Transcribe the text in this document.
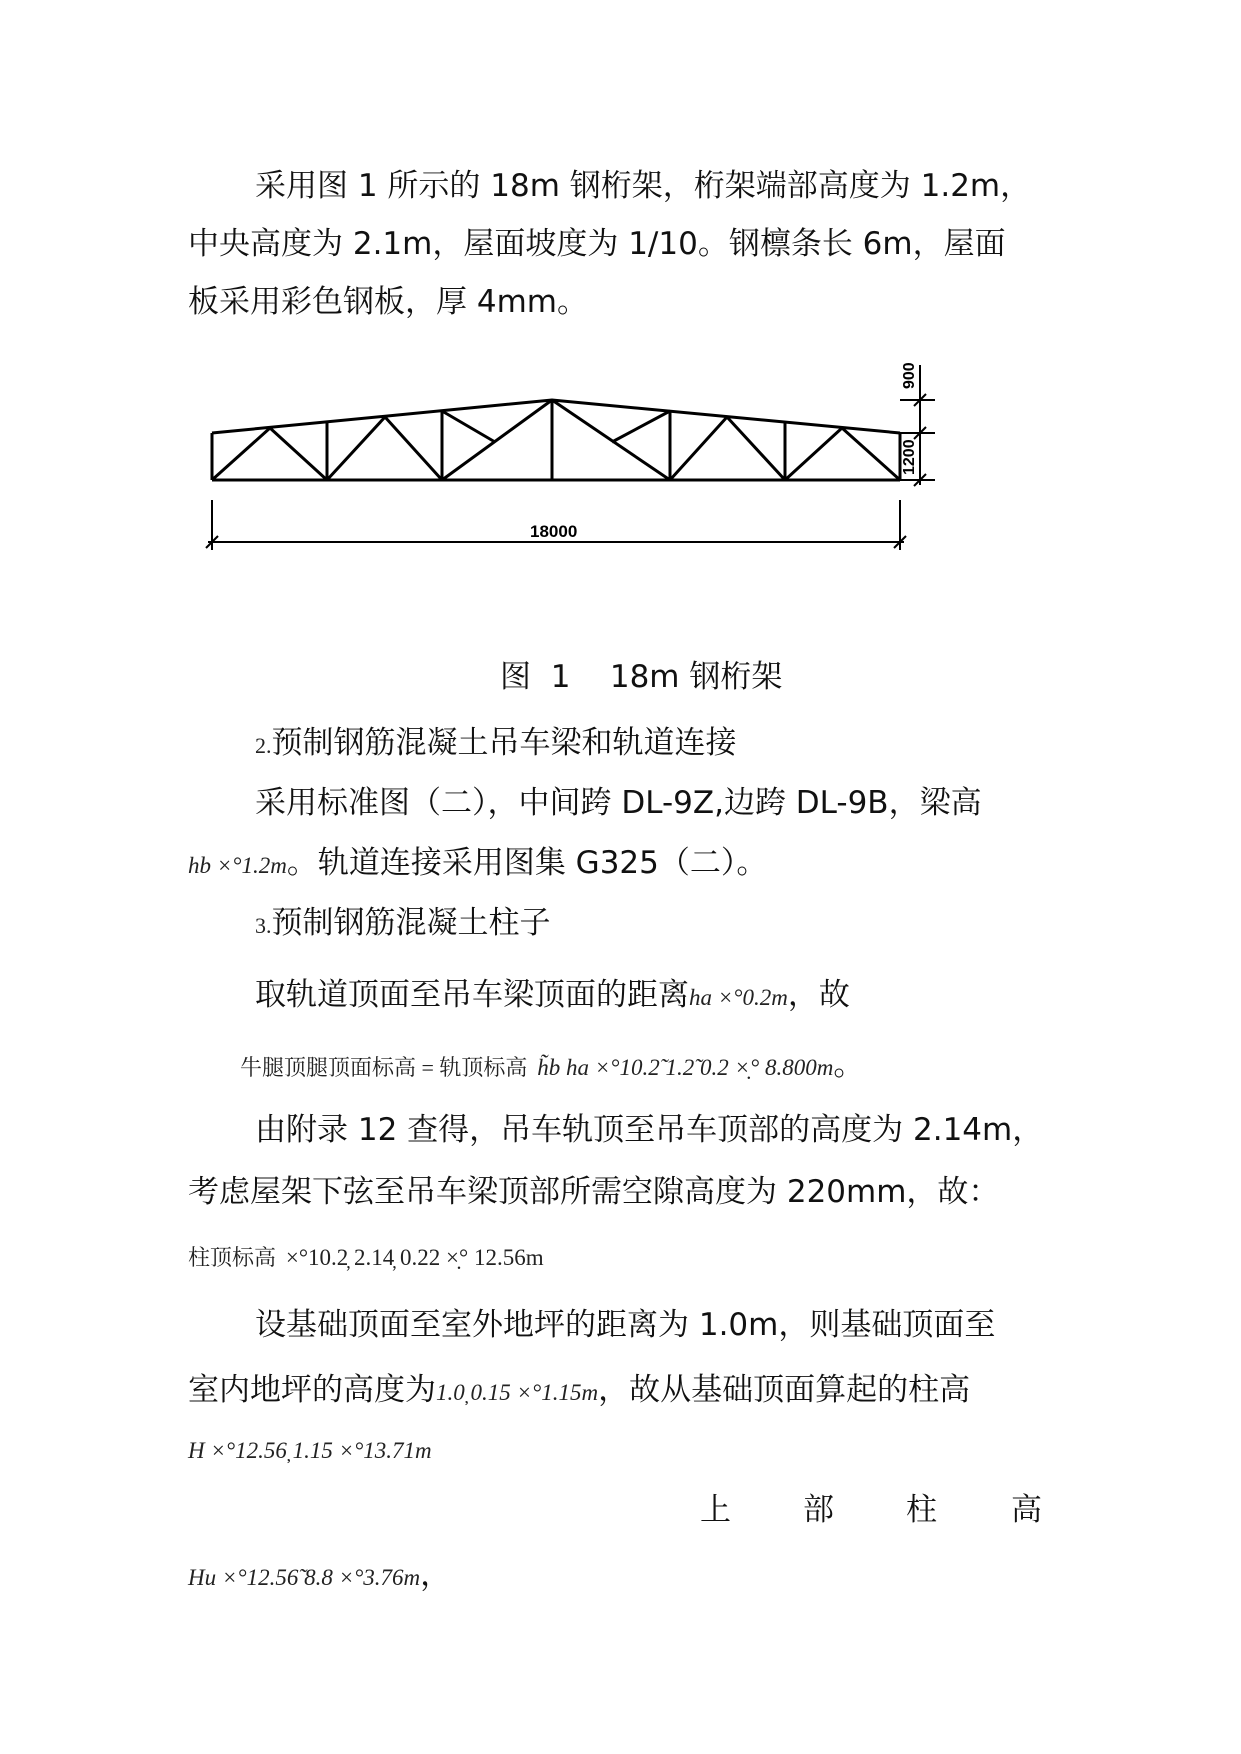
采用图 1 所示的 18m 钢桁架，桁架端部高度为 1.2m，
中央高度为 2.1m，屋面坡度为 1/10。钢檩条长 6m，屋面
板采用彩色钢板，厚 4mm。
18000
900
1200
图  1    18m 钢桁架
2.预制钢筋混凝土吊车梁和轨道连接
采用标准图（二），中间跨 DL-9Z,边跨 DL-9B，梁高
hb ×°1.2m。轨道连接采用图集 G325（二）。
3.预制钢筋混凝土柱子
取轨道顶面至吊车梁顶面的距离ha ×°0.2m，故
牛腿顶腿顶面标高 = 轨顶标高 h̃b ha ×°10.2̃ 1.2̃ 0.2 ×̣° 8.800m。
由附录 12 查得，吊车轨顶至吊车顶部的高度为 2.14m，
考虑屋架下弦至吊车梁顶部所需空隙高度为 220mm，故：
柱顶标高 ×°10.2̦ 2.14̦ 0.22 ×̣° 12.56m
设基础顶面至室外地坪的距离为 1.0m，则基础顶面至
室内地坪的高度为1.0̦ 0.15 ×°1.15m，故从基础顶面算起的柱高
H ×°12.56̦ 1.15 ×°13.71m
上 部 柱 高
Hu ×°12.56̃ 8.8 ×°3.76m，
